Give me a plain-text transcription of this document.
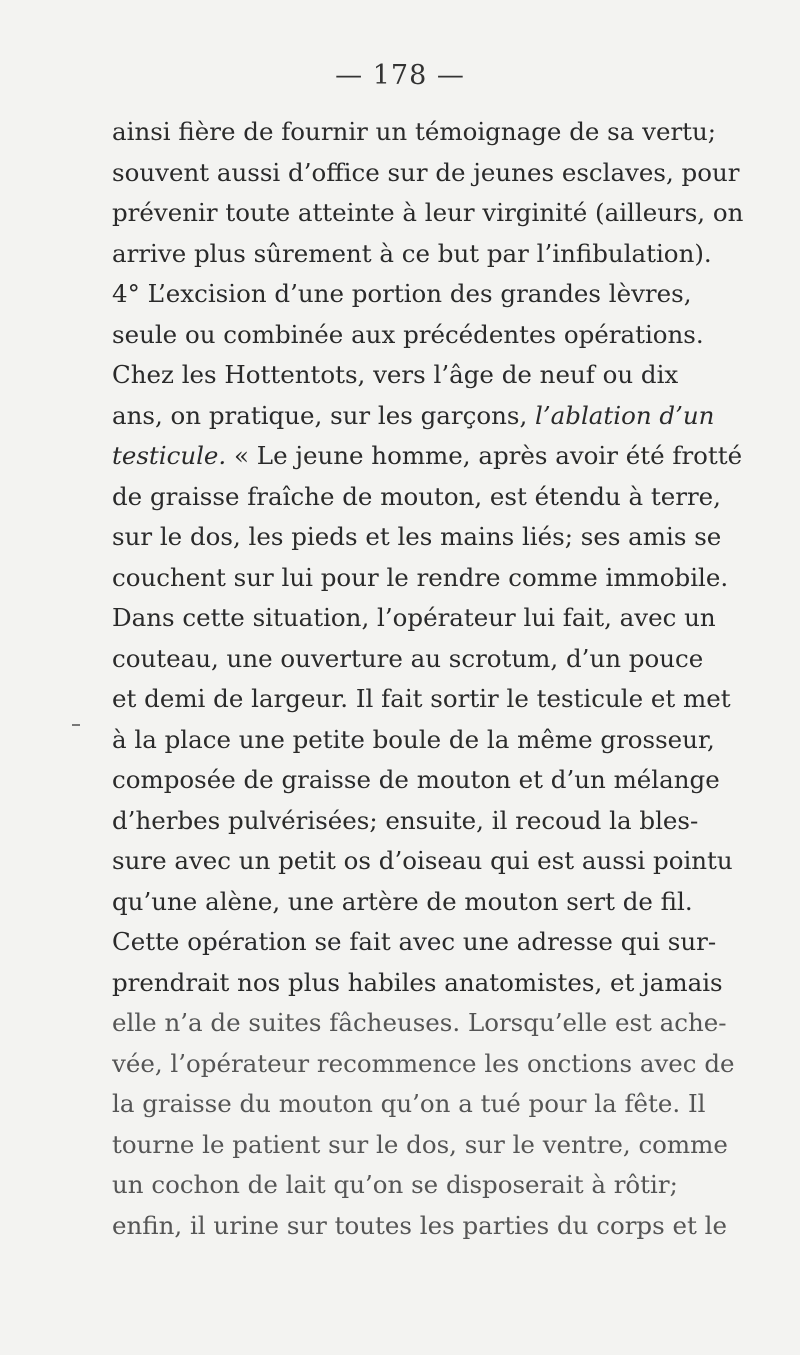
— 178 —
ainsi fière de fournir un témoignage de sa vertu;
souvent aussi d’office sur de jeunes esclaves, pour
prévenir toute atteinte à leur virginité (ailleurs, on
arrive plus sûrement à ce but par l’infibulation).
4° L’excision d’une portion des grandes lèvres,
seule ou combinée aux précédentes opérations.
Chez les Hottentots, vers l’âge de neuf ou dix
ans, on pratique, sur les garçons, l’ablation d’un
testicule. « Le jeune homme, après avoir été frotté
de graisse fraîche de mouton, est étendu à terre,
sur le dos, les pieds et les mains liés; ses amis se
couchent sur lui pour le rendre comme immobile.
Dans cette situation, l’opérateur lui fait, avec un
couteau, une ouverture au scrotum, d’un pouce
et demi de largeur. Il fait sortir le testicule et met
à la place une petite boule de la même grosseur,
composée de graisse de mouton et d’un mélange
d’herbes pulvérisées; ensuite, il recoud la bles-
sure avec un petit os d’oiseau qui est aussi pointu
qu’une alène, une artère de mouton sert de fil.
Cette opération se fait avec une adresse qui sur-
prendrait nos plus habiles anatomistes, et jamais
elle n’a de suites fâcheuses. Lorsqu’elle est ache-
vée, l’opérateur recommence les onctions avec de
la graisse du mouton qu’on a tué pour la fête. Il
tourne le patient sur le dos, sur le ventre, comme
un cochon de lait qu’on se disposerait à rôtir;
enfin, il urine sur toutes les parties du corps et le
